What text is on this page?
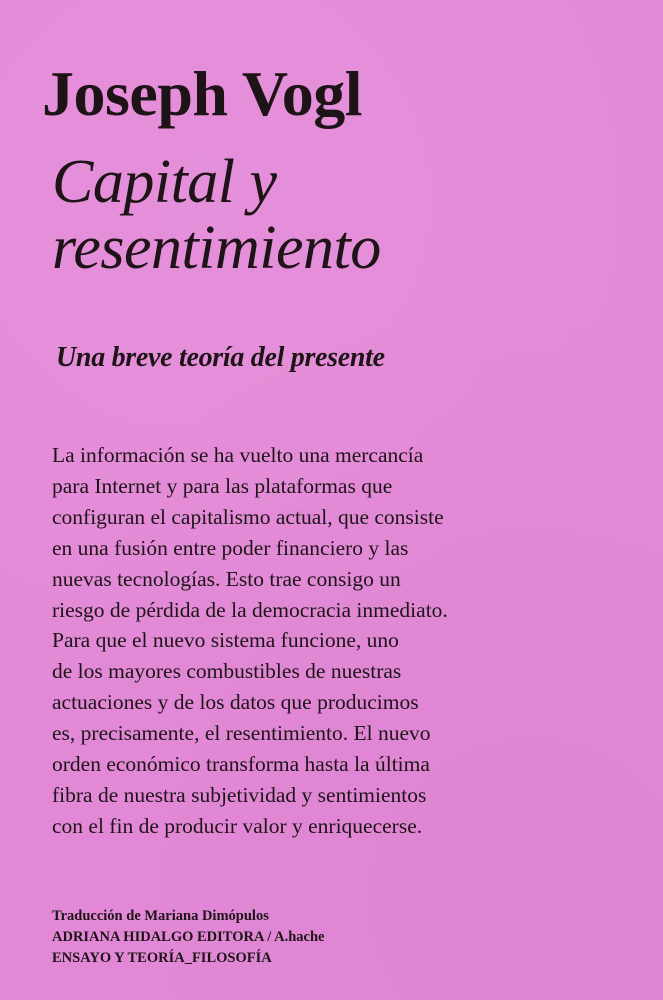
Joseph Vogl
Capital y
resentimiento
Una breve teoría del presente

La información se ha vuelto una mercancía
para Internet y para las plataformas que
configuran el capitalismo actual, que consiste
en una fusión entre poder financiero y las
nuevas tecnologías. Esto trae consigo un
riesgo de pérdida de la democracia inmediato.
Para que el nuevo sistema funcione, uno
de los mayores combustibles de nuestras
actuaciones y de los datos que producimos
es, precisamente, el resentimiento. El nuevo
orden económico transforma hasta la última
fibra de nuestra subjetividad y sentimientos
con el fin de producir valor y enriquecerse.

Traducción de Mariana Dimópulos
ADRIANA HIDALGO EDITORA / A.hache
ENSAYO Y TEORÍA_FILOSOFÍA
